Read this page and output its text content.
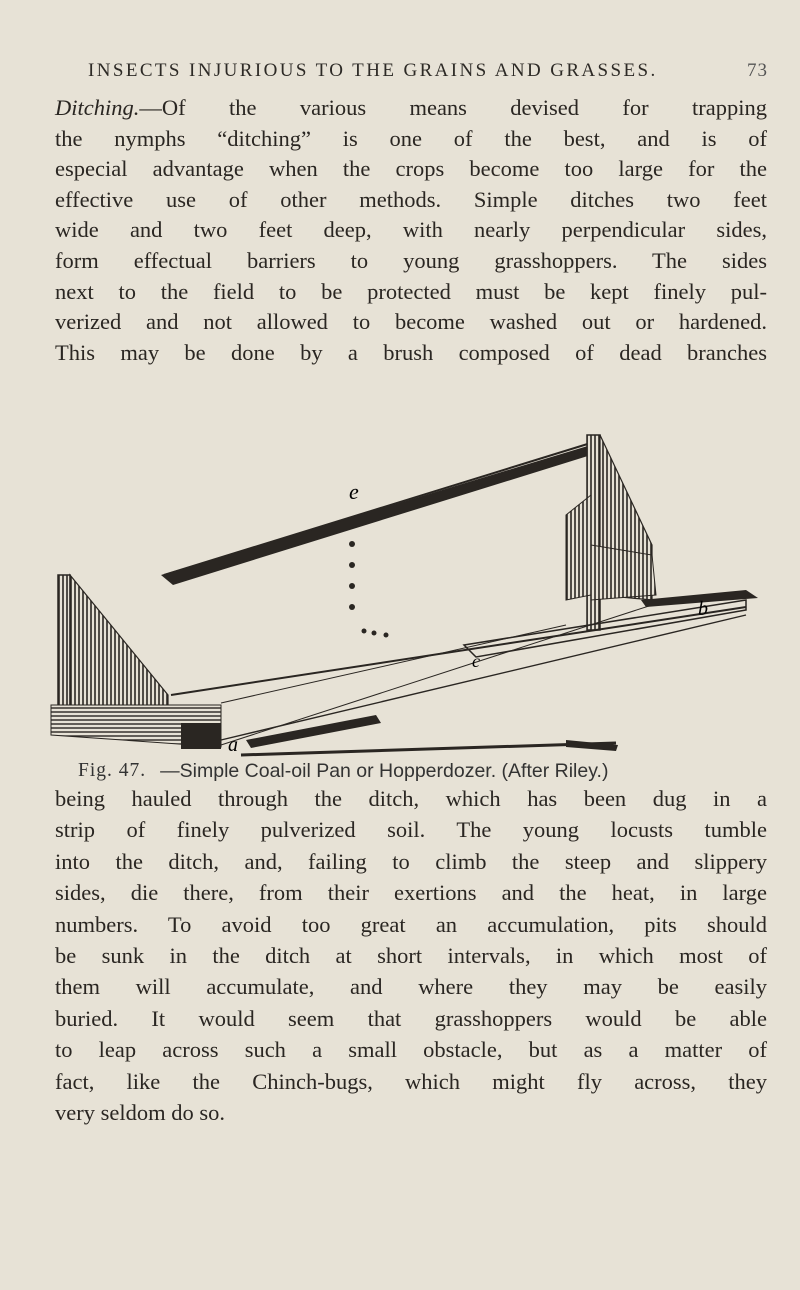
INSECTS INJURIOUS TO THE GRAINS AND GRASSES.	73
Ditching.—Of the various means devised for trapping
the nymphs “ditching” is one of the best, and is of
especial advantage when the crops become too large for the
effective use of other methods. Simple ditches two feet
wide and two feet deep, with nearly perpendicular sides,
form effectual barriers to young grasshoppers. The sides
next to the field to be protected must be kept finely pul-
verized and not allowed to become washed out or hardened.
This may be done by a brush composed of dead branches
e
b
c
a
Fig. 47. —Simple Coal-oil Pan or Hopperdozer. (After Riley.)
being hauled through the ditch, which has been dug in a
strip of finely pulverized soil. The young locusts tumble
into the ditch, and, failing to climb the steep and slippery
sides, die there, from their exertions and the heat, in large
numbers. To avoid too great an accumulation, pits should
be sunk in the ditch at short intervals, in which most of
them will accumulate, and where they may be easily
buried. It would seem that grasshoppers would be able
to leap across such a small obstacle, but as a matter of
fact, like the Chinch-bugs, which might fly across, they
very seldom do so.
